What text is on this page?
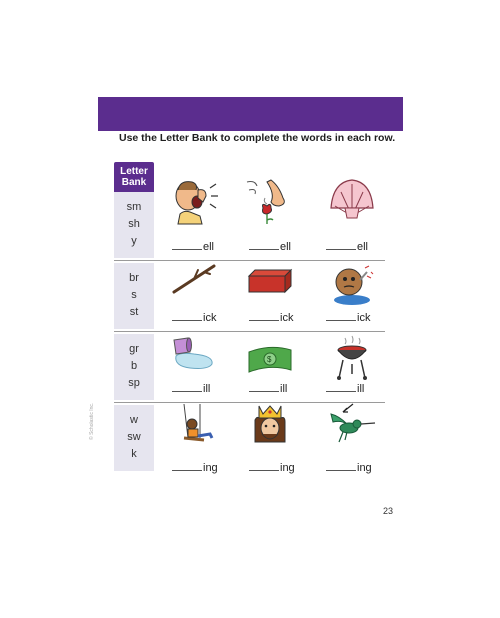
Use the Letter Bank to complete the words in each row.
Letter
Bank
sm
sh
y
br
s
st
gr
b
sp
w
sw
k
ell	ell	ell
ick	ick	ick
$
ill	ill	ill
ing	ing	ing
© Scholastic Inc.
23
